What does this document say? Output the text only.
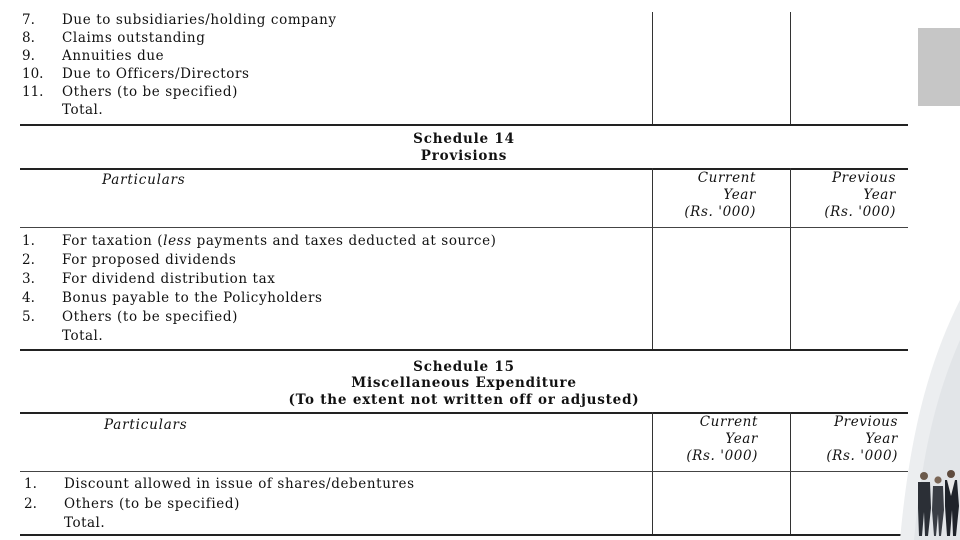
7. Due to subsidiaries/holding company
8. Claims outstanding
9. Annuities due
10. Due to Officers/Directors
11. Others (to be specified)
Total.
Schedule 14
Provisions
Particulars	Current
Year
(Rs. '000)
Previous
Year
(Rs. '000)
1. For taxation (less payments and taxes deducted at source)
2. For proposed dividends
3. For dividend distribution tax
4. Bonus payable to the Policyholders
5. Others (to be specified)
Total.
Schedule 15
Miscellaneous Expenditure
(To the extent not written off or adjusted)
Particulars	Current
Year
(Rs. '000)
Previous
Year
(Rs. '000)
1. Discount allowed in issue of shares/debentures
2. Others (to be specified)
Total.
